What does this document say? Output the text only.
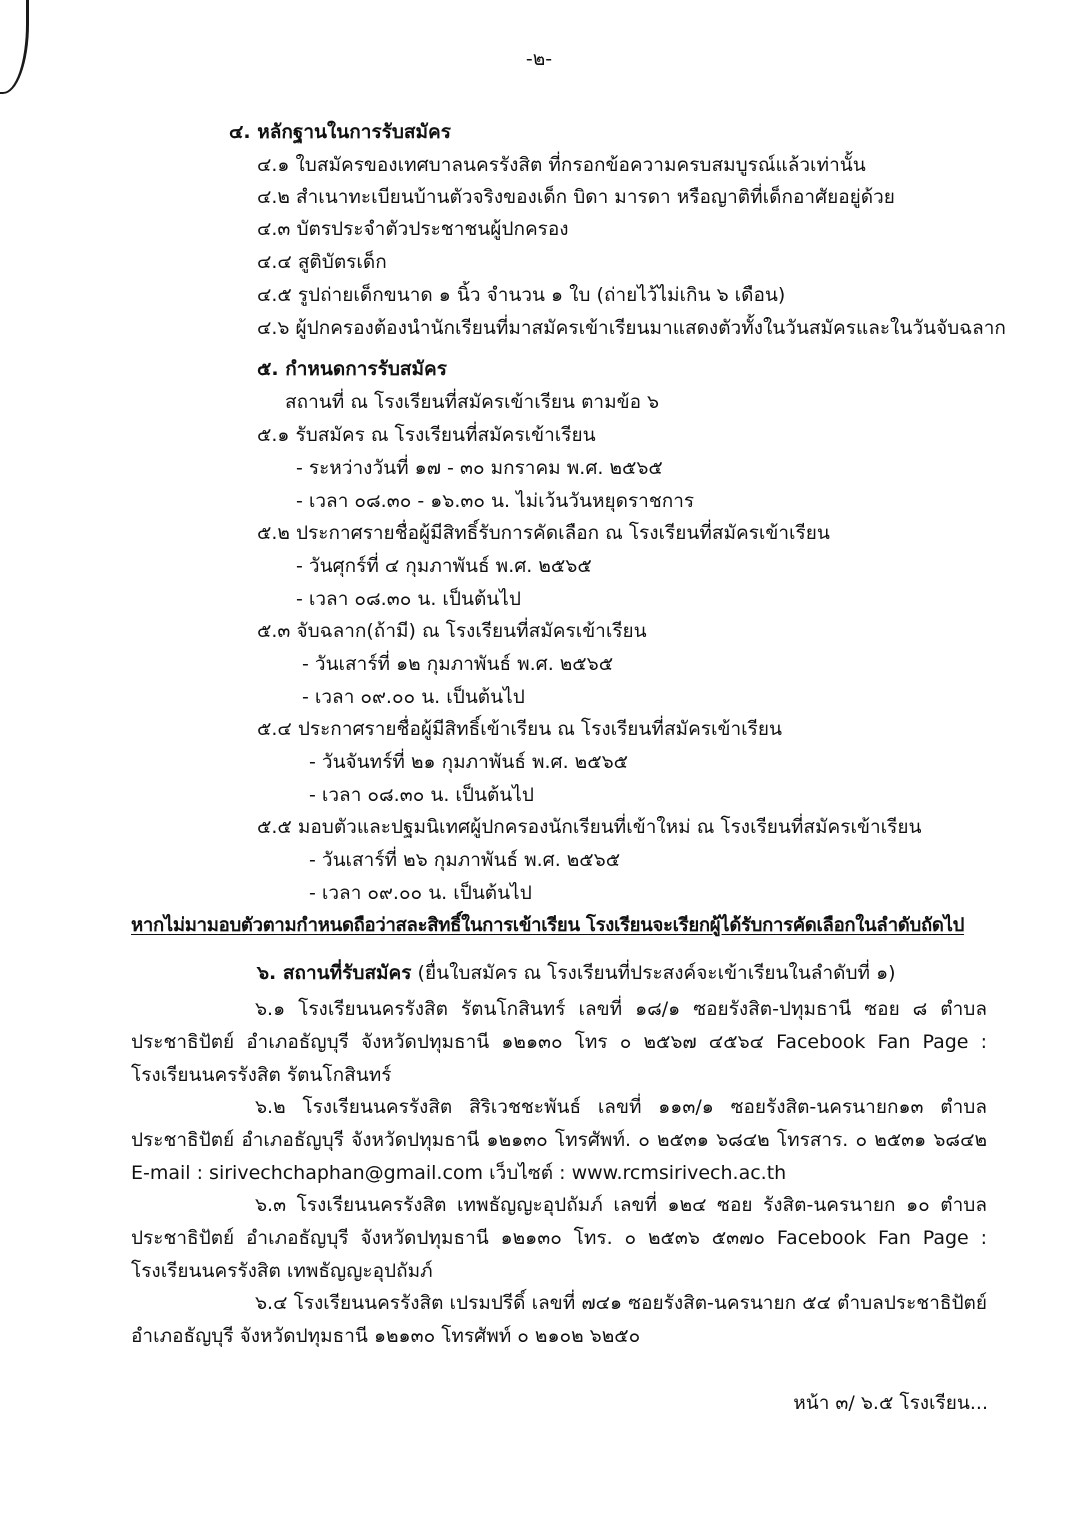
-๒-
๔. หลักฐานในการรับสมัคร
๔.๑ ใบสมัครของเทศบาลนครรังสิต ที่กรอกข้อความครบสมบูรณ์แล้วเท่านั้น
๔.๒ สำเนาทะเบียนบ้านตัวจริงของเด็ก บิดา มารดา หรือญาติที่เด็กอาศัยอยู่ด้วย
๔.๓ บัตรประจำตัวประชาชนผู้ปกครอง
๔.๔ สูติบัตรเด็ก
๔.๕ รูปถ่ายเด็กขนาด ๑ นิ้ว จำนวน ๑ ใบ (ถ่ายไว้ไม่เกิน ๖ เดือน)
๔.๖ ผู้ปกครองต้องนำนักเรียนที่มาสมัครเข้าเรียนมาแสดงตัวทั้งในวันสมัครและในวันจับฉลาก
๕. กำหนดการรับสมัคร
สถานที่ ณ โรงเรียนที่สมัครเข้าเรียน ตามข้อ ๖
๕.๑ รับสมัคร ณ โรงเรียนที่สมัครเข้าเรียน
- ระหว่างวันที่ ๑๗ - ๓๐ มกราคม พ.ศ. ๒๕๖๕
- เวลา ๐๘.๓๐ - ๑๖.๓๐ น. ไม่เว้นวันหยุดราชการ
๕.๒ ประกาศรายชื่อผู้มีสิทธิ์รับการคัดเลือก ณ โรงเรียนที่สมัครเข้าเรียน
- วันศุกร์ที่ ๔ กุมภาพันธ์ พ.ศ. ๒๕๖๕
- เวลา ๐๘.๓๐ น. เป็นต้นไป
๕.๓ จับฉลาก(ถ้ามี) ณ โรงเรียนที่สมัครเข้าเรียน
- วันเสาร์ที่ ๑๒ กุมภาพันธ์ พ.ศ. ๒๕๖๕
- เวลา ๐๙.๐๐ น. เป็นต้นไป
๕.๔ ประกาศรายชื่อผู้มีสิทธิ์เข้าเรียน ณ โรงเรียนที่สมัครเข้าเรียน
- วันจันทร์ที่ ๒๑ กุมภาพันธ์ พ.ศ. ๒๕๖๕
- เวลา ๐๘.๓๐ น. เป็นต้นไป
๕.๕ มอบตัวและปฐมนิเทศผู้ปกครองนักเรียนที่เข้าใหม่ ณ โรงเรียนที่สมัครเข้าเรียน
- วันเสาร์ที่ ๒๖ กุมภาพันธ์ พ.ศ. ๒๕๖๕
- เวลา ๐๙.๐๐ น. เป็นต้นไป
หากไม่มามอบตัวตามกำหนดถือว่าสละสิทธิ์ในการเข้าเรียน โรงเรียนจะเรียกผู้ได้รับการคัดเลือกในลำดับถัดไป
๖. สถานที่รับสมัคร (ยื่นใบสมัคร ณ โรงเรียนที่ประสงค์จะเข้าเรียนในลำดับที่ ๑)
๖.๑ โรงเรียนนครรังสิต รัตนโกสินทร์ เลขที่ ๑๘/๑ ซอยรังสิต-ปทุมธานี ซอย ๘ ตำบลประชาธิปัตย์ อำเภอธัญบุรี จังหวัดปทุมธานี ๑๒๑๓๐ โทร ๐ ๒๕๖๗ ๔๕๖๔ Facebook Fan Page : โรงเรียนนครรังสิต รัตนโกสินทร์
๖.๒ โรงเรียนนครรังสิต สิริเวชชะพันธ์ เลขที่ ๑๑๓/๑ ซอยรังสิต-นครนายก๑๓ ตำบลประชาธิปัตย์ อำเภอธัญบุรี จังหวัดปทุมธานี ๑๒๑๓๐ โทรศัพท์. ๐ ๒๕๓๑ ๖๘๔๒ โทรสาร. ๐ ๒๕๓๑ ๖๘๔๒ E-mail : sirivechchaphan@gmail.com เว็บไซต์ : www.rcmsirivech.ac.th
๖.๓ โรงเรียนนครรังสิต เทพธัญญะอุปถัมภ์ เลขที่ ๑๒๔ ซอย รังสิต-นครนายก ๑๐ ตำบลประชาธิปัตย์ อำเภอธัญบุรี จังหวัดปทุมธานี ๑๒๑๓๐ โทร. ๐ ๒๕๓๖ ๕๓๗๐ Facebook Fan Page : โรงเรียนนครรังสิต เทพธัญญะอุปถัมภ์
๖.๔ โรงเรียนนครรังสิต เปรมปรีดิ์ เลขที่ ๗๔๑ ซอยรังสิต-นครนายก ๕๔ ตำบลประชาธิปัตย์ อำเภอธัญบุรี จังหวัดปทุมธานี ๑๒๑๓๐ โทรศัพท์ ๐ ๒๑๐๒ ๖๒๕๐
หน้า ๓/ ๖.๕ โรงเรียน...
